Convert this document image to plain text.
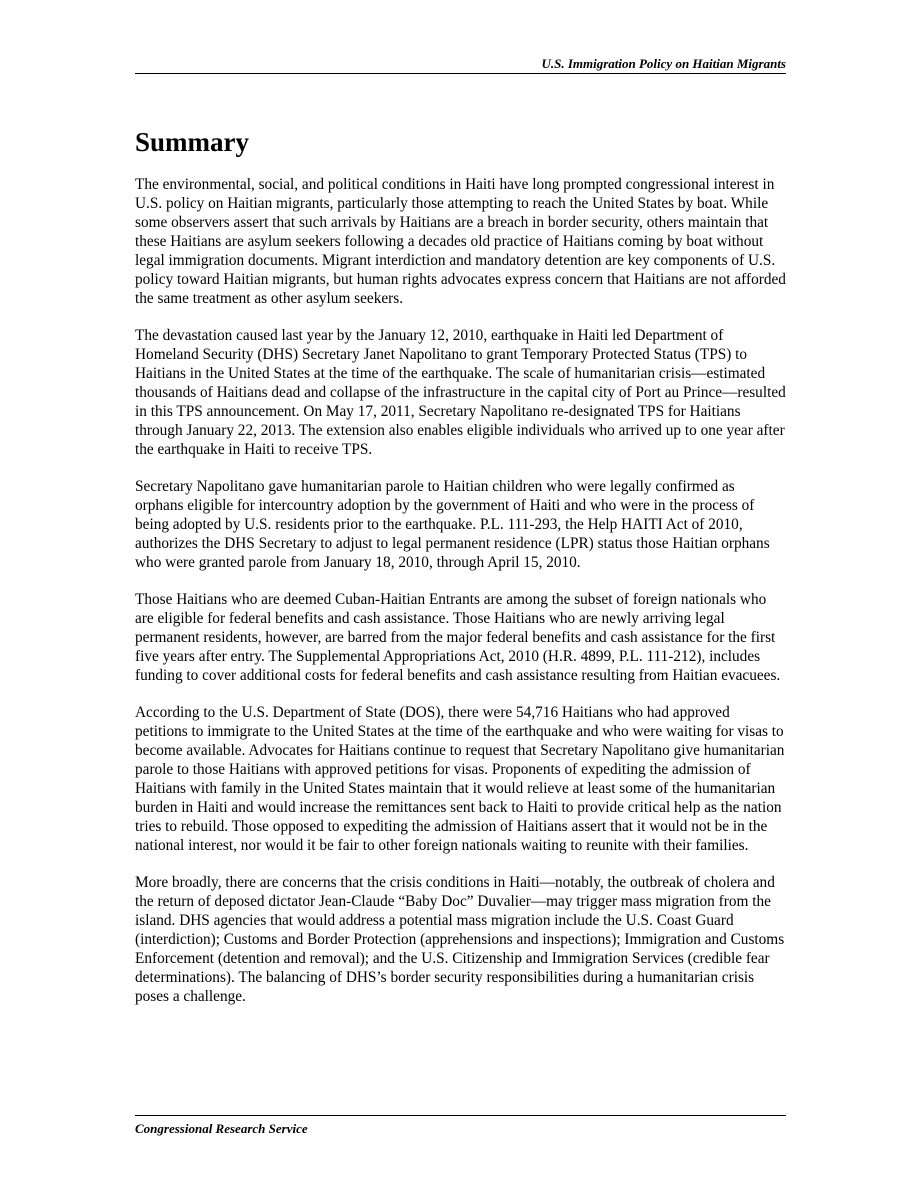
U.S. Immigration Policy on Haitian Migrants
Summary

The environmental, social, and political conditions in Haiti have long prompted congressional interest in U.S. policy on Haitian migrants, particularly those attempting to reach the United States by boat. While some observers assert that such arrivals by Haitians are a breach in border security, others maintain that these Haitians are asylum seekers following a decades old practice of Haitians coming by boat without legal immigration documents. Migrant interdiction and mandatory detention are key components of U.S. policy toward Haitian migrants, but human rights advocates express concern that Haitians are not afforded the same treatment as other asylum seekers.

The devastation caused last year by the January 12, 2010, earthquake in Haiti led Department of Homeland Security (DHS) Secretary Janet Napolitano to grant Temporary Protected Status (TPS) to Haitians in the United States at the time of the earthquake. The scale of humanitarian crisis—estimated thousands of Haitians dead and collapse of the infrastructure in the capital city of Port au Prince—resulted in this TPS announcement. On May 17, 2011, Secretary Napolitano re-designated TPS for Haitians through January 22, 2013. The extension also enables eligible individuals who arrived up to one year after the earthquake in Haiti to receive TPS.

Secretary Napolitano gave humanitarian parole to Haitian children who were legally confirmed as orphans eligible for intercountry adoption by the government of Haiti and who were in the process of being adopted by U.S. residents prior to the earthquake. P.L. 111-293, the Help HAITI Act of 2010, authorizes the DHS Secretary to adjust to legal permanent residence (LPR) status those Haitian orphans who were granted parole from January 18, 2010, through April 15, 2010.

Those Haitians who are deemed Cuban-Haitian Entrants are among the subset of foreign nationals who are eligible for federal benefits and cash assistance. Those Haitians who are newly arriving legal permanent residents, however, are barred from the major federal benefits and cash assistance for the first five years after entry. The Supplemental Appropriations Act, 2010 (H.R. 4899, P.L. 111-212), includes funding to cover additional costs for federal benefits and cash assistance resulting from Haitian evacuees.

According to the U.S. Department of State (DOS), there were 54,716 Haitians who had approved petitions to immigrate to the United States at the time of the earthquake and who were waiting for visas to become available. Advocates for Haitians continue to request that Secretary Napolitano give humanitarian parole to those Haitians with approved petitions for visas. Proponents of expediting the admission of Haitians with family in the United States maintain that it would relieve at least some of the humanitarian burden in Haiti and would increase the remittances sent back to Haiti to provide critical help as the nation tries to rebuild. Those opposed to expediting the admission of Haitians assert that it would not be in the national interest, nor would it be fair to other foreign nationals waiting to reunite with their families.

More broadly, there are concerns that the crisis conditions in Haiti—notably, the outbreak of cholera and the return of deposed dictator Jean-Claude “Baby Doc” Duvalier—may trigger mass migration from the island. DHS agencies that would address a potential mass migration include the U.S. Coast Guard (interdiction); Customs and Border Protection (apprehensions and inspections); Immigration and Customs Enforcement (detention and removal); and the U.S. Citizenship and Immigration Services (credible fear determinations). The balancing of DHS’s border security responsibilities during a humanitarian crisis poses a challenge.

Congressional Research Service
